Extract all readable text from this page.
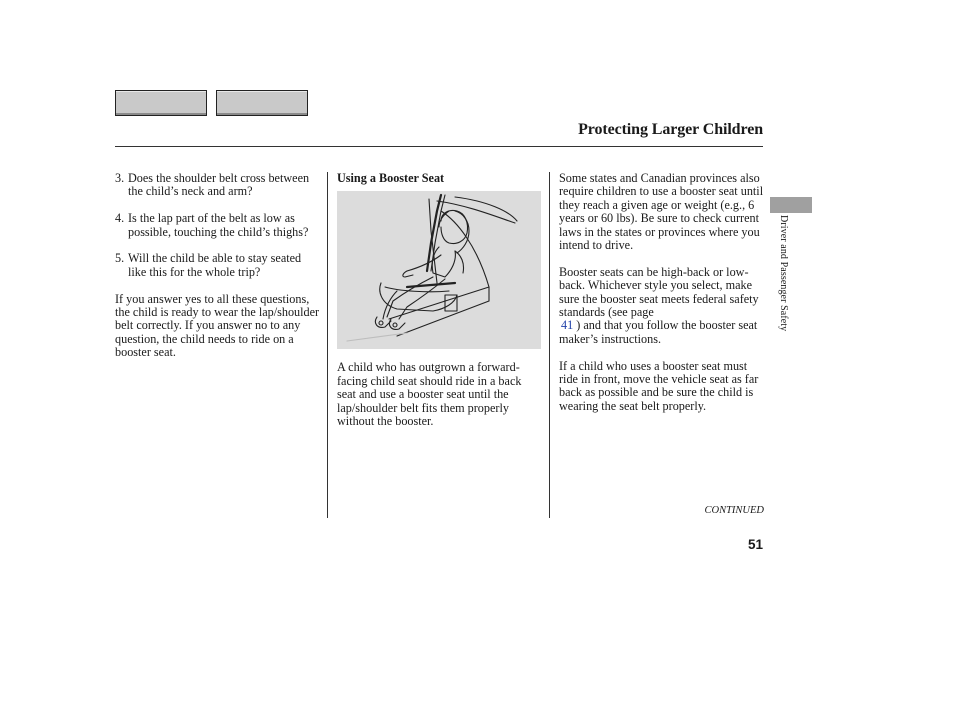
Protecting Larger Children
3. Does the shoulder belt cross between the child’s neck and arm?
4. Is the lap part of the belt as low as possible, touching the child’s thighs?
5. Will the child be able to stay seated like this for the whole trip?

If you answer yes to all these questions, the child is ready to wear the lap/shoulder belt correctly. If you answer no to any question, the child needs to ride on a booster seat.

Using a Booster Seat

A child who has outgrown a forward-facing child seat should ride in a back seat and use a booster seat until the lap/shoulder belt fits them properly without the booster.

Some states and Canadian provinces also require children to use a booster seat until they reach a given age or weight (e.g., 6 years or 60 lbs). Be sure to check current laws in the states or provinces where you intend to drive.

Booster seats can be high-back or low-back. Whichever style you select, make sure the booster seat meets federal safety standards (see page
41 ) and that you follow the booster seat maker’s instructions.

If a child who uses a booster seat must ride in front, move the vehicle seat as far back as possible and be sure the child is wearing the seat belt properly.

Driver and Passenger Safety
CONTINUED
51
